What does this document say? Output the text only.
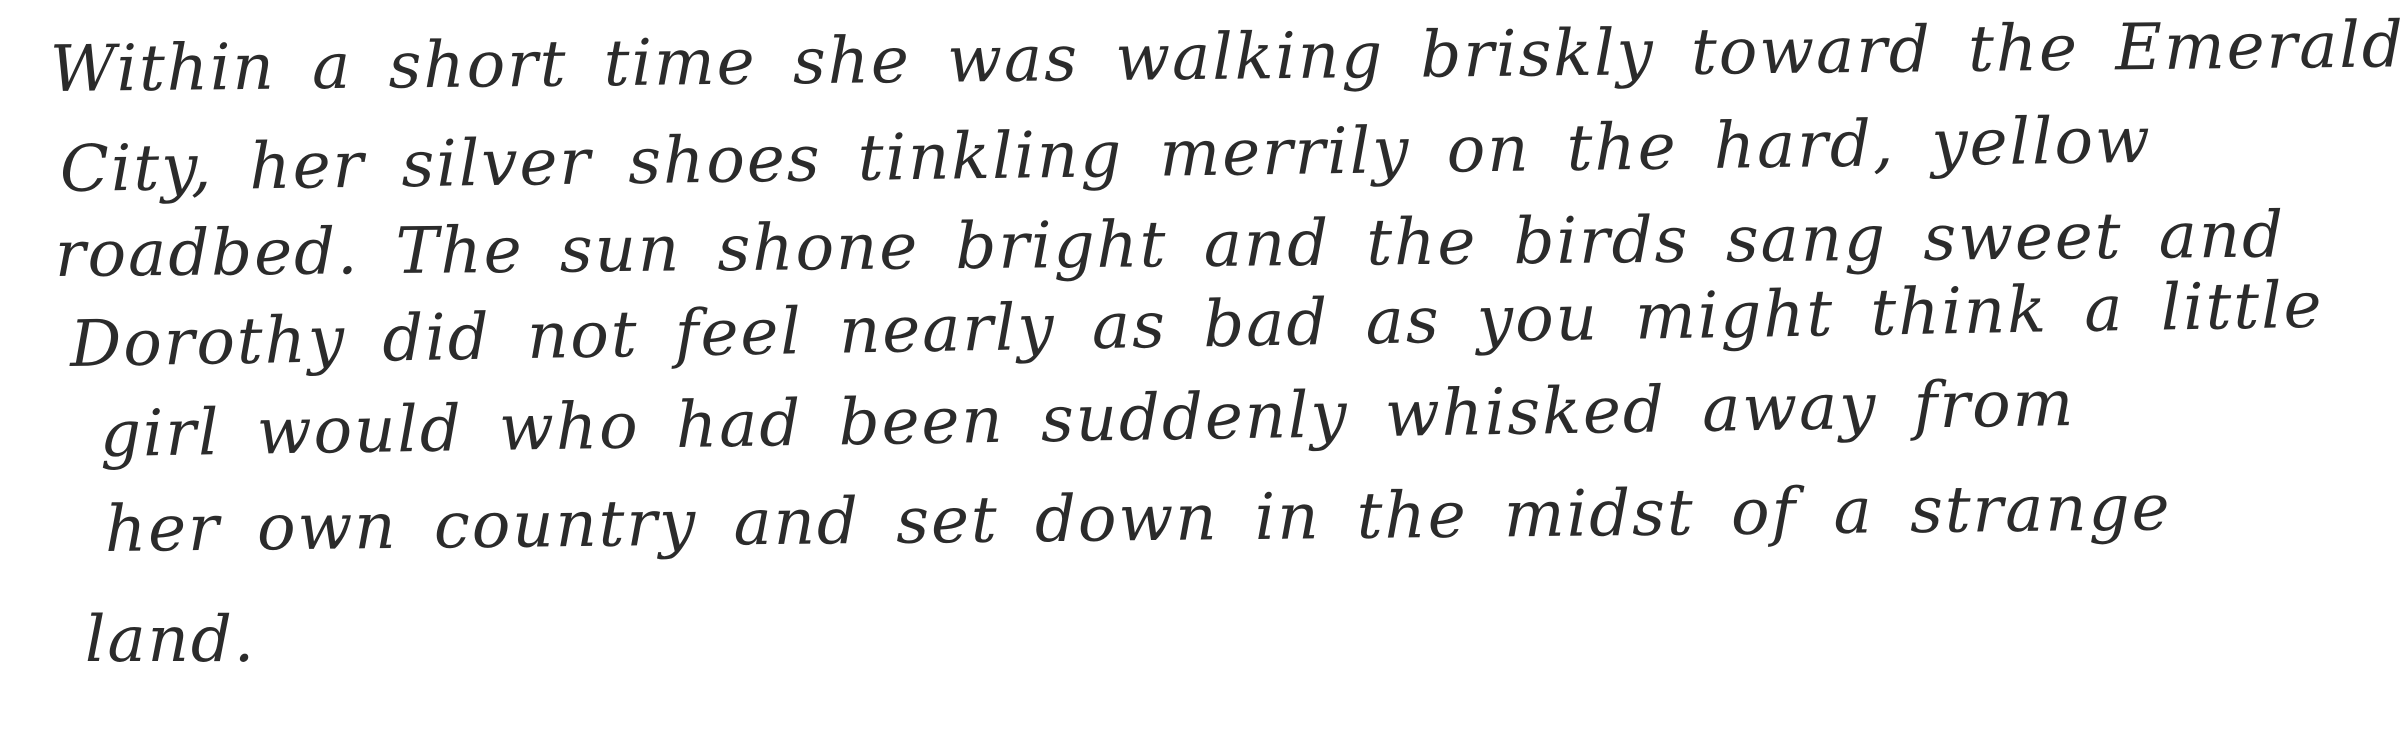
Within a short time she was walking briskly toward the Emerald
City, her silver shoes tinkling merrily on the hard, yellow
roadbed. The sun shone bright and the birds sang sweet and
Dorothy did not feel nearly as bad as you might think a little
girl would who had been suddenly whisked away from
her own country and set down in the midst of a strange
land.
